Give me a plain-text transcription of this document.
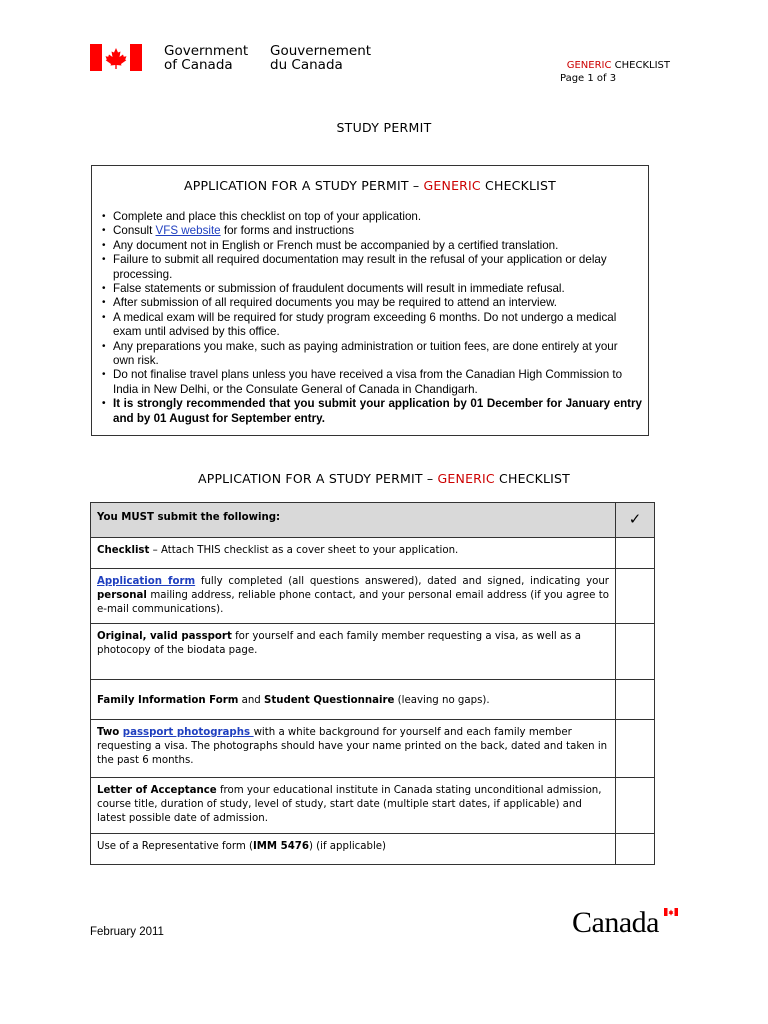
Government
of Canada
Gouvernement
du Canada	GENERIC CHECKLIST
Page 1 of 3
STUDY PERMIT
APPLICATION FOR A STUDY PERMIT – GENERIC CHECKLIST
• Complete and place this checklist on top of your application.
• Consult VFS website for forms and instructions
• Any document not in English or French must be accompanied by a certified translation.
• Failure to submit all required documentation may result in the refusal of your application or delay processing.
• False statements or submission of fraudulent documents will result in immediate refusal.
• After submission of all required documents you may be required to attend an interview.
• A medical exam will be required for study program exceeding 6 months. Do not undergo a medical exam until advised by this office.
• Any preparations you make, such as paying administration or tuition fees, are done entirely at your own risk.
• Do not finalise travel plans unless you have received a visa from the Canadian High Commission to India in New Delhi, or the Consulate General of Canada in Chandigarh.
• It is strongly recommended that you submit your application by 01 December for January entry and by 01 August for September entry.
APPLICATION FOR A STUDY PERMIT – GENERIC CHECKLIST
You MUST submit the following:	✓
Checklist – Attach THIS checklist as a cover sheet to your application.	
Application form fully completed (all questions answered), dated and signed, indicating your personal mailing address, reliable phone contact, and your personal email address (if you agree to e-mail communications).	
Original, valid passport for yourself and each family member requesting a visa, as well as a photocopy of the biodata page.	
Family Information Form and Student Questionnaire (leaving no gaps).	
Two passport photographs with a white background for yourself and each family member requesting a visa. The photographs should have your name printed on the back, dated and taken in the past 6 months.	
Letter of Acceptance from your educational institute in Canada stating unconditional admission, course title, duration of study, level of study, start date (multiple start dates, if applicable) and latest possible date of admission.	
Use of a Representative form (IMM 5476) (if applicable)	
February 2011	Canada
